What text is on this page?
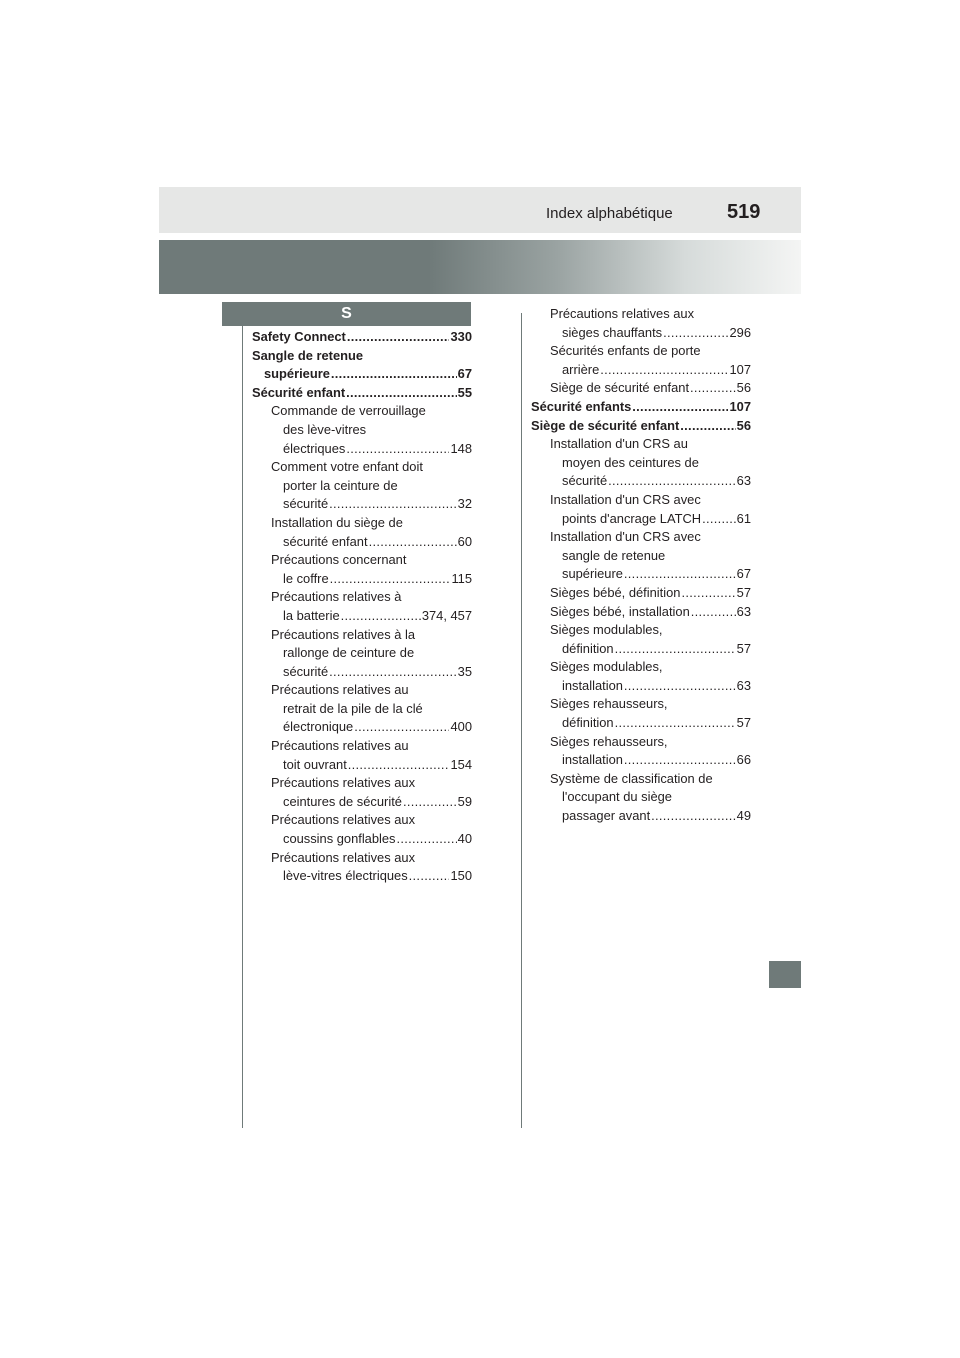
Index alphabétique	519
S
Safety Connect .....	330
Sangle de retenue
supérieure .....	67
Sécurité enfant .....	55
Commande de verrouillage
des lève-vitres
électriques .....	148
Comment votre enfant doit
porter la ceinture de
sécurité .....	32
Installation du siège de
sécurité enfant .....	60
Précautions concernant
le coffre .....	115
Précautions relatives à
la batterie .....	374, 457
Précautions relatives à la
rallonge de ceinture de
sécurité .....	35
Précautions relatives au
retrait de la pile de la clé
électronique .....	400
Précautions relatives au
toit ouvrant .....	154
Précautions relatives aux
ceintures de sécurité .....	59
Précautions relatives aux
coussins gonflables .....	40
Précautions relatives aux
lève-vitres électriques .....	150
Précautions relatives aux
sièges chauffants .....	296
Sécurités enfants de porte
arrière .....	107
Siège de sécurité enfant .....	56
Sécurité enfants .....	107
Siège de sécurité enfant .....	56
Installation d'un CRS au
moyen des ceintures de
sécurité .....	63
Installation d'un CRS avec
points d'ancrage LATCH .....	61
Installation d'un CRS avec
sangle de retenue
supérieure .....	67
Sièges bébé, définition .....	57
Sièges bébé, installation .....	63
Sièges modulables,
définition .....	57
Sièges modulables,
installation .....	63
Sièges rehausseurs,
définition .....	57
Sièges rehausseurs,
installation .....	66
Système de classification de
l'occupant du siège
passager avant .....	49
